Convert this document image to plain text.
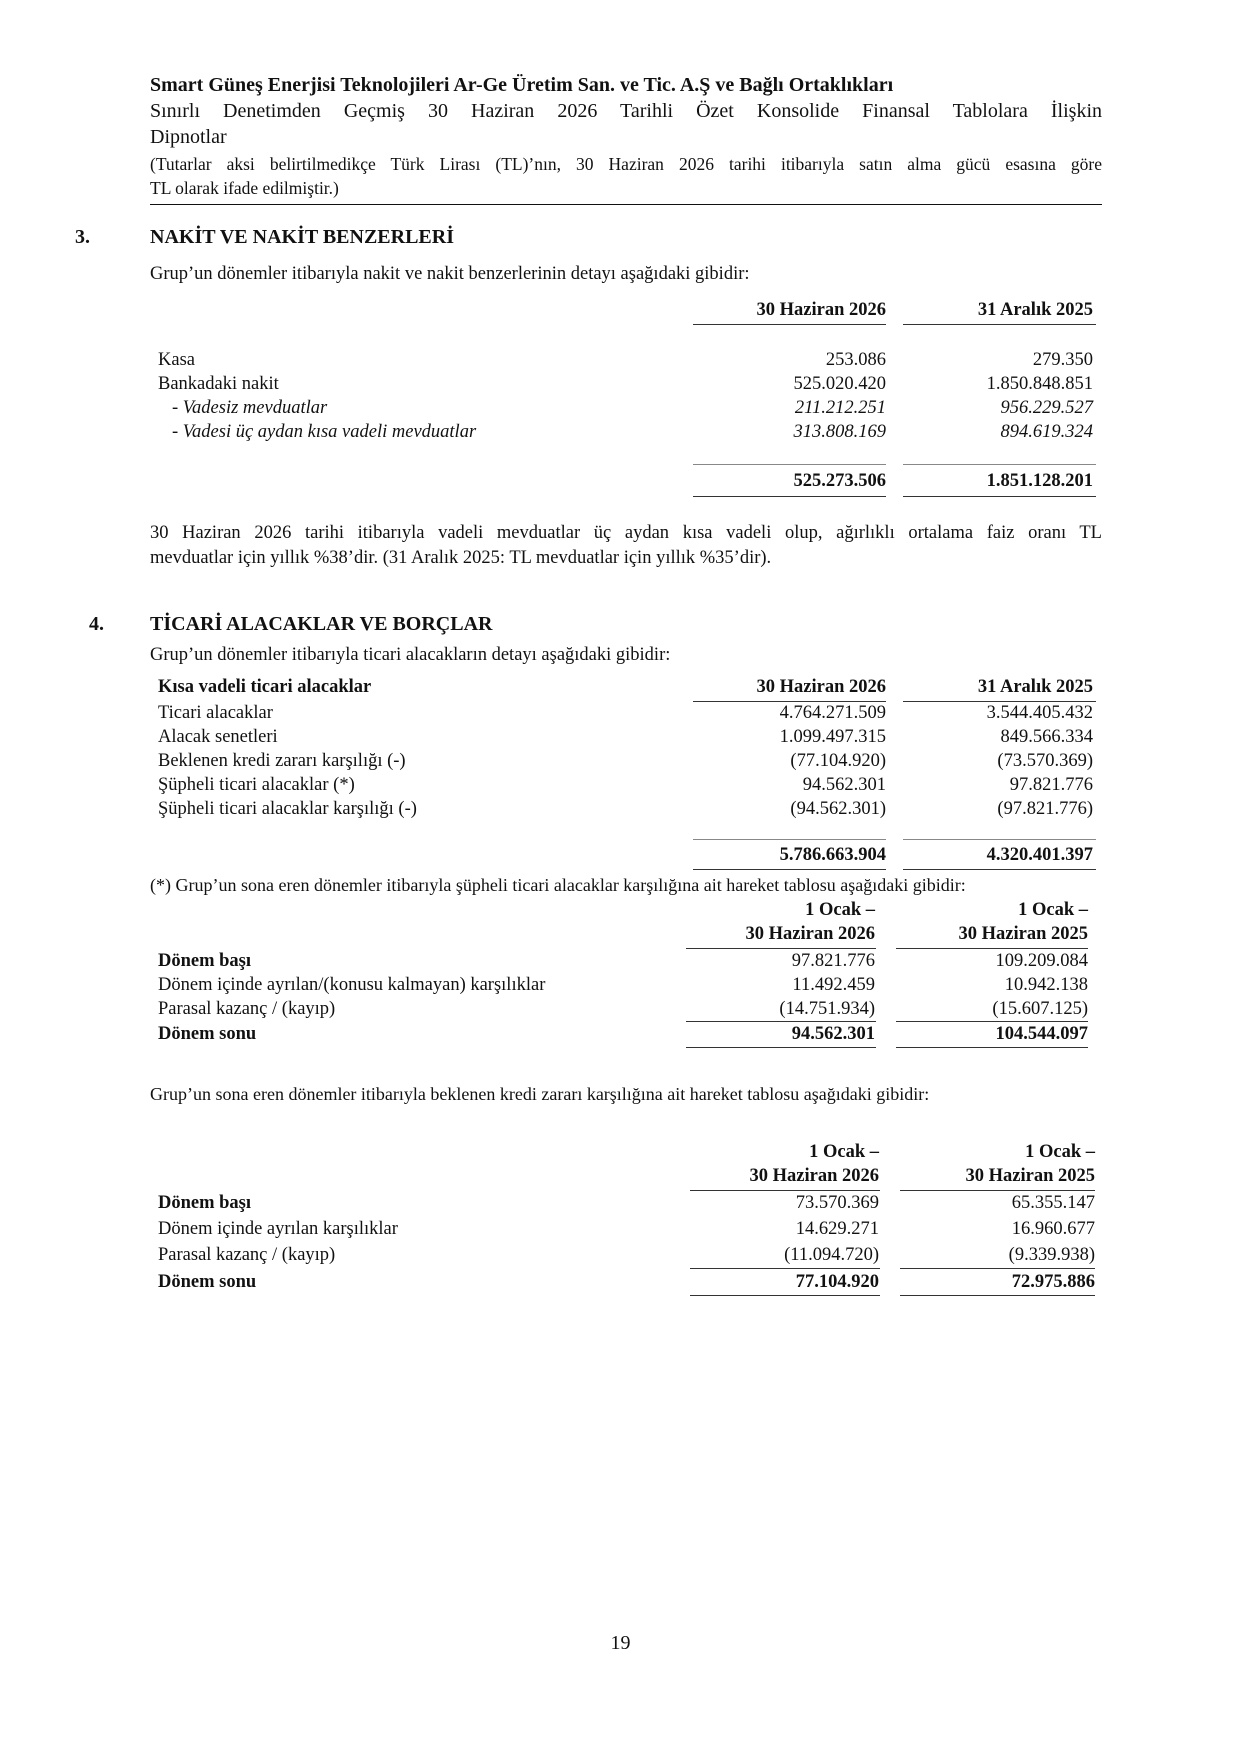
Smart Güneş Enerjisi Teknolojileri Ar-Ge Üretim San. ve Tic. A.Ş ve Bağlı Ortaklıkları
Sınırlı Denetimden Geçmiş 30 Haziran 2026 Tarihli Özet Konsolide Finansal Tablolara İlişkin
Dipnotlar
(Tutarlar aksi belirtilmedikçe Türk Lirası (TL)’nın, 30 Haziran 2026 tarihi itibarıyla satın alma gücü esasına göre
TL olarak ifade edilmiştir.)
3.	NAKİT VE NAKİT BENZERLERİ
Grup’un dönemler itibarıyla nakit ve nakit benzerlerinin detayı aşağıdaki gibidir:
30 Haziran 2026	31 Aralık 2025
Kasa	253.086	279.350
Bankadaki nakit	525.020.420	1.850.848.851
- Vadesiz mevduatlar	211.212.251	956.229.527
- Vadesi üç aydan kısa vadeli mevduatlar	313.808.169	894.619.324
525.273.506	1.851.128.201
30 Haziran 2026 tarihi itibarıyla vadeli mevduatlar üç aydan kısa vadeli olup, ağırlıklı ortalama faiz oranı TL
mevduatlar için yıllık %38’dir. (31 Aralık 2025: TL mevduatlar için yıllık %35’dir).
4. TİCARİ ALACAKLAR VE BORÇLAR
Grup’un dönemler itibarıyla ticari alacakların detayı aşağıdaki gibidir:
Kısa vadeli ticari alacaklar	30 Haziran 2026	31 Aralık 2025
Ticari alacaklar	4.764.271.509	3.544.405.432
Alacak senetleri	1.099.497.315	849.566.334
Beklenen kredi zararı karşılığı (-)	(77.104.920)	(73.570.369)
Şüpheli ticari alacaklar (*)	94.562.301	97.821.776
Şüpheli ticari alacaklar karşılığı (-)	(94.562.301)	(97.821.776)
5.786.663.904	4.320.401.397
(*) Grup’un sona eren dönemler itibarıyla şüpheli ticari alacaklar karşılığına ait hareket tablosu aşağıdaki gibidir:
1 Ocak –	1 Ocak –
30 Haziran 2026	30 Haziran 2025
Dönem başı	97.821.776	109.209.084
Dönem içinde ayrılan/(konusu kalmayan) karşılıklar	11.492.459	10.942.138
Parasal kazanç / (kayıp)	(14.751.934)	(15.607.125)
Dönem sonu	94.562.301	104.544.097
Grup’un sona eren dönemler itibarıyla beklenen kredi zararı karşılığına ait hareket tablosu aşağıdaki gibidir:
1 Ocak –	1 Ocak –
30 Haziran 2026	30 Haziran 2025
Dönem başı	73.570.369	65.355.147
Dönem içinde ayrılan karşılıklar	14.629.271	16.960.677
Parasal kazanç / (kayıp)	(11.094.720)	(9.339.938)
Dönem sonu	77.104.920	72.975.886
19
